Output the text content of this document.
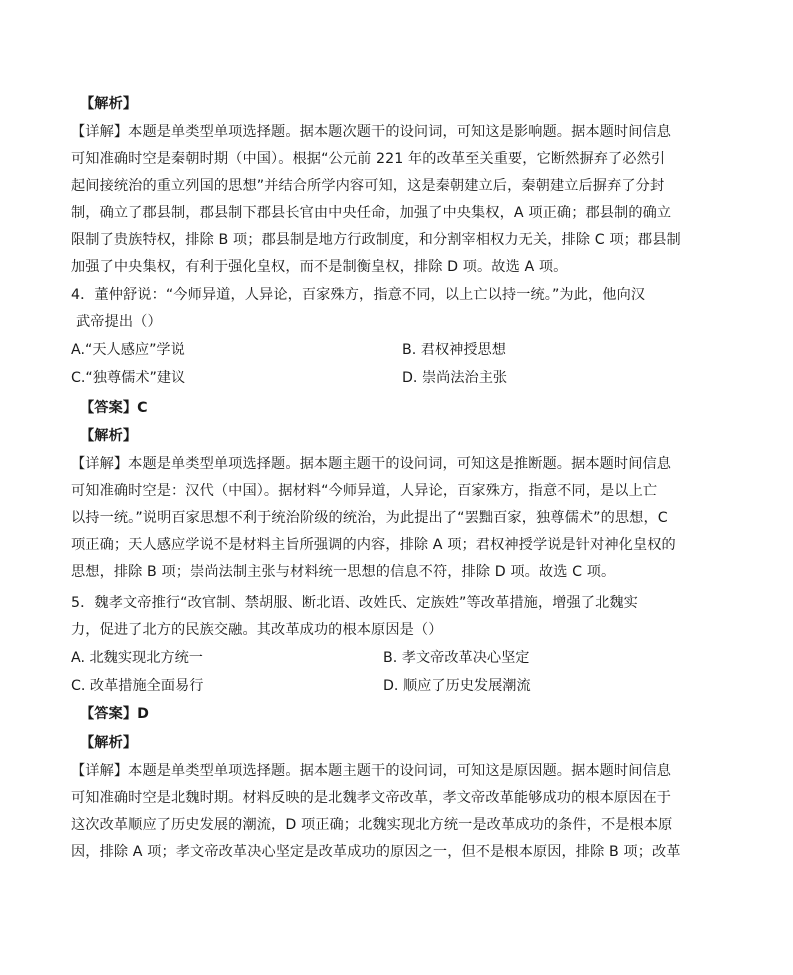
【解析】
【详解】本题是单类型单项选择题。据本题次题干的设问词，可知这是影响题。据本题时间信息
可知准确时空是秦朝时期（中国）。根据“公元前 221 年的改革至关重要，它断然摒弃了必然引
起间接统治的重立列国的思想”并结合所学内容可知，这是秦朝建立后，秦朝建立后摒弃了分封
制，确立了郡县制，郡县制下郡县长官由中央任命，加强了中央集权，A 项正确；郡县制的确立
限制了贵族特权，排除 B 项；郡县制是地方行政制度，和分割宰相权力无关，排除 C 项；郡县制
加强了中央集权，有利于强化皇权，而不是制衡皇权，排除 D 项。故选 A 项。
4．董仲舒说：“今师异道，人异论，百家殊方，指意不同，以上亡以持一统。”为此，他向汉
武帝提出（）
A.“天人感应”学说	B. 君权神授思想
C.“独尊儒术”建议	D. 崇尚法治主张
【答案】C
【解析】
【详解】本题是单类型单项选择题。据本题主题干的设问词，可知这是推断题。据本题时间信息
可知准确时空是：汉代（中国）。据材料“今师异道，人异论，百家殊方，指意不同，是以上亡
以持一统。”说明百家思想不利于统治阶级的统治，为此提出了“罢黜百家，独尊儒术”的思想，C
项正确；天人感应学说不是材料主旨所强调的内容，排除 A 项；君权神授学说是针对神化皇权的
思想，排除 B 项；崇尚法制主张与材料统一思想的信息不符，排除 D 项。故选 C 项。
5．魏孝文帝推行“改官制、禁胡服、断北语、改姓氏、定族姓”等改革措施，增强了北魏实
力，促进了北方的民族交融。其改革成功的根本原因是（）
A. 北魏实现北方统一	B. 孝文帝改革决心坚定
C. 改革措施全面易行	D. 顺应了历史发展潮流
【答案】D
【解析】
【详解】本题是单类型单项选择题。据本题主题干的设问词，可知这是原因题。据本题时间信息
可知准确时空是北魏时期。材料反映的是北魏孝文帝改革，孝文帝改革能够成功的根本原因在于
这次改革顺应了历史发展的潮流，D 项正确；北魏实现北方统一是改革成功的条件，不是根本原
因，排除 A 项；孝文帝改革决心坚定是改革成功的原因之一，但不是根本原因，排除 B 项；改革
